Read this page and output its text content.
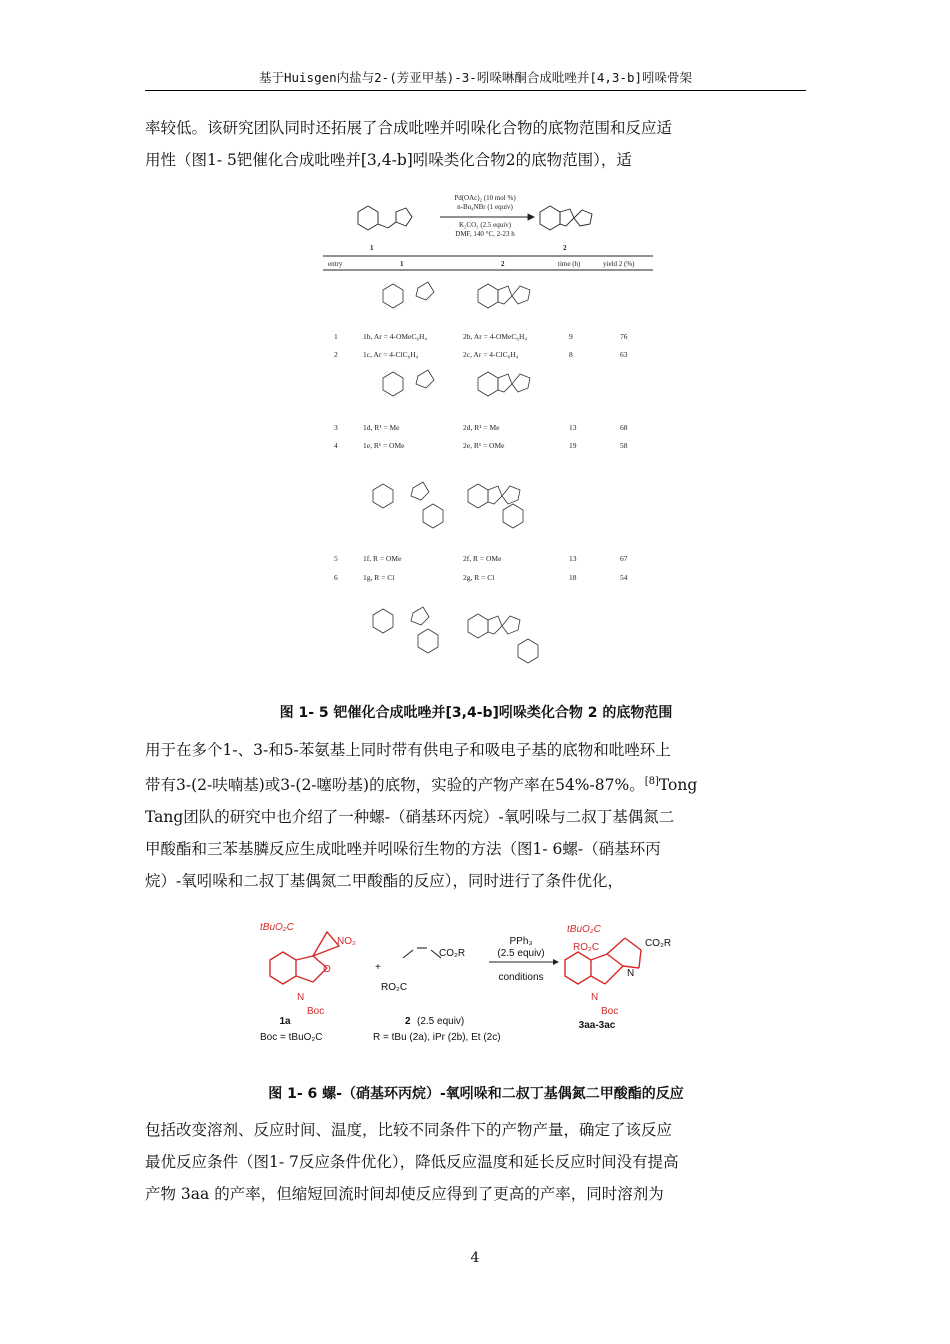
基于Huisgen内盐与2-(芳亚甲基)-3-吲哚啉酮合成吡唑并[4,3-b]吲哚骨架
率较低。该研究团队同时还拓展了合成吡唑并吲哚化合物的底物范围和反应适
用性（图1- 5钯催化合成吡唑并[3,4-b]吲哚类化合物2的底物范围），适
Pd(OAc)₂ (10 mol %)
n-Bu₄NBr (1 equiv)
K₂CO₃ (2.5 equiv)
DMF, 140 °C, 2-23 h
1	2
entry	1	2	time (h)	yield 2 (%)
1	1b, Ar = 4-OMeC₆H₄	2b, Ar = 4-OMeC₆H₄	9	76
2	1c, Ar = 4-ClC₆H₄	2c, Ar = 4-ClC₆H₄	8	63
3	1d, R¹ = Me	2d, R¹ = Me	13	68
4	1e, R¹ = OMe	2e, R¹ = OMe	19	58
5	1f, R = OMe	2f, R = OMe	13	67
6	1g, R = Cl	2g, R = Cl	18	54
图 1- 5 钯催化合成吡唑并[3,4-b]吲哚类化合物 2 的底物范围
用于在多个1-、3-和5-苯氨基上同时带有供电子和吸电子基的底物和吡唑环上
带有3-(2-呋喃基)或3-(2-噻吩基)的底物，实验的产物产率在54%-87%。[8]Tong
Tang团队的研究中也介绍了一种螺-（硝基环丙烷）-氧吲哚与二叔丁基偶氮二
甲酸酯和三苯基膦反应生成吡唑并吲哚衍生物的方法（图1- 6螺-（硝基环丙
烷）-氧吲哚和二叔丁基偶氮二甲酸酯的反应），同时进行了条件优化，
tBuO₂C
NO₂
O
N
Boc
1a
+
CO₂R
RO₂C
2 (2.5 equiv)
PPh₃
(2.5 equiv)
conditions
tBuO₂C
RO₂C	CO₂R
N
N
Boc
3aa-3ac
Boc = tBuO₂C	R = tBu (2a), iPr (2b), Et (2c)
图 1- 6 螺-（硝基环丙烷）-氧吲哚和二叔丁基偶氮二甲酸酯的反应
包括改变溶剂、反应时间、温度，比较不同条件下的产物产量，确定了该反应
最优反应条件（图1- 7反应条件优化），降低反应温度和延长反应时间没有提高
产物 3aa 的产率，但缩短回流时间却使反应得到了更高的产率，同时溶剂为
4
